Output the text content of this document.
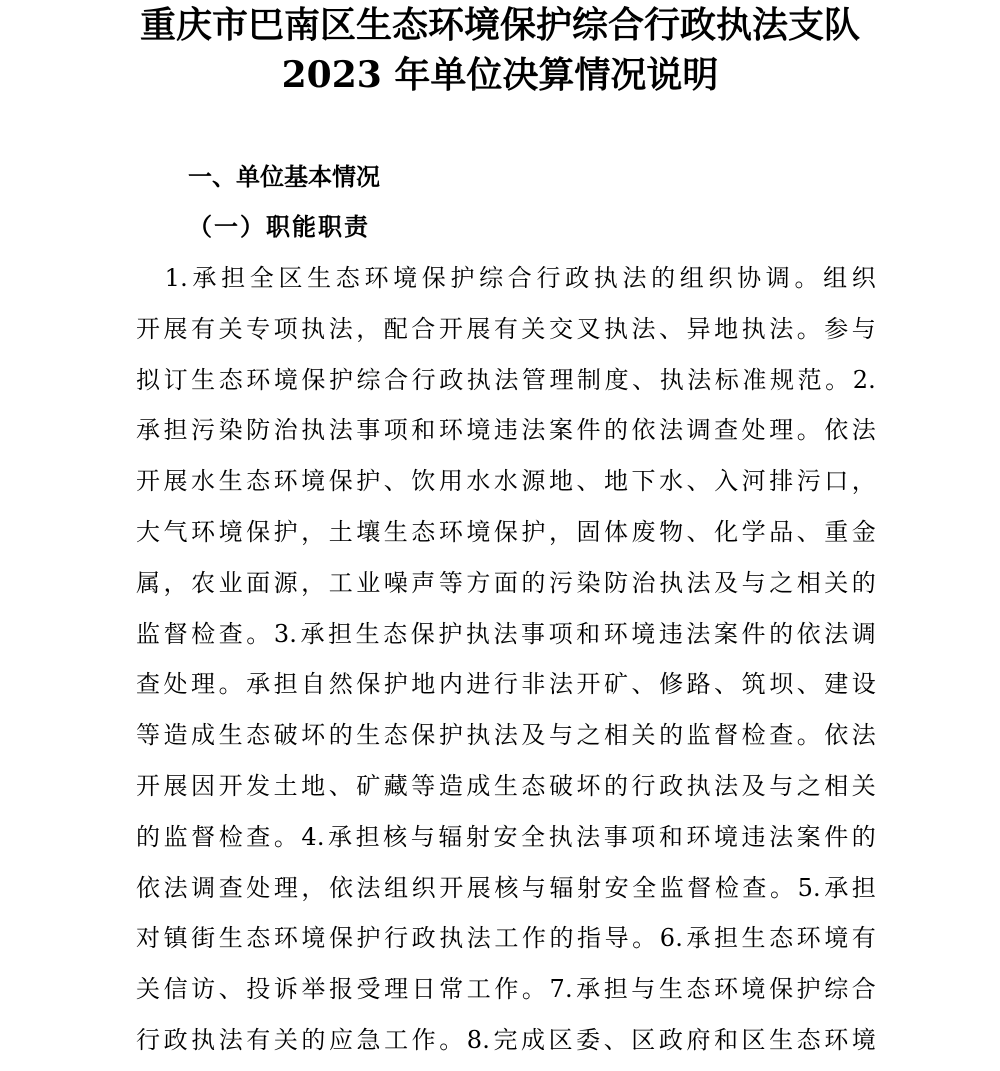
重庆市巴南区生态环境保护综合行政执法支队
2023 年单位决算情况说明
一、单位基本情况
（一）职能职责
　1.承担全区生态环境保护综合行政执法的组织协调。组织
开展有关专项执法，配合开展有关交叉执法、异地执法。参与
拟订生态环境保护综合行政执法管理制度、执法标准规范。2.
承担污染防治执法事项和环境违法案件的依法调查处理。依法
开展水生态环境保护、饮用水水源地、地下水、入河排污口，
大气环境保护，土壤生态环境保护，固体废物、化学品、重金
属，农业面源，工业噪声等方面的污染防治执法及与之相关的
监督检查。3.承担生态保护执法事项和环境违法案件的依法调
查处理。承担自然保护地内进行非法开矿、修路、筑坝、建设
等造成生态破坏的生态保护执法及与之相关的监督检查。依法
开展因开发土地、矿藏等造成生态破坏的行政执法及与之相关
的监督检查。4.承担核与辐射安全执法事项和环境违法案件的
依法调查处理，依法组织开展核与辐射安全监督检查。5.承担
对镇街生态环境保护行政执法工作的指导。6.承担生态环境有
关信访、投诉举报受理日常工作。7.承担与生态环境保护综合
行政执法有关的应急工作。8.完成区委、区政府和区生态环境
